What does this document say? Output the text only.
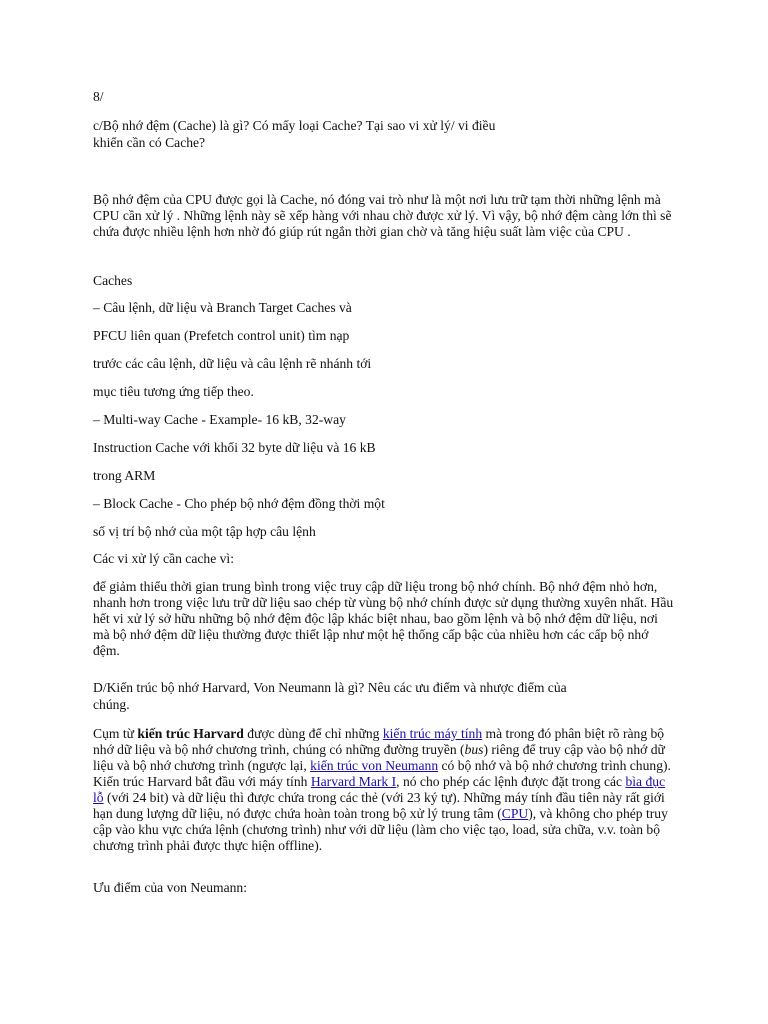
8/
c/Bộ nhớ đệm (Cache) là gì? Có mấy loại Cache? Tại sao vi xử lý/ vi điều
khiển cần có Cache?
Bộ nhớ đệm của CPU được gọi là Cache, nó đóng vai trò như là một nơi lưu trữ tạm thời những lệnh mà CPU cần xử lý . Những lệnh này sẽ xếp hàng với nhau chờ được xử lý. Vì vậy, bộ nhớ đệm càng lớn thì sẽ chứa được nhiều lệnh hơn nhờ đó giúp rút ngắn thời gian chờ và tăng hiệu suất làm việc của CPU .
Caches
– Câu lệnh, dữ liệu và Branch Target Caches và
PFCU liên quan (Prefetch control unit) tìm nạp
trước các câu lệnh, dữ liệu và câu lệnh rẽ nhánh tới
mục tiêu tương ứng tiếp theo.
– Multi-way Cache - Example- 16 kB, 32-way
Instruction Cache với khối 32 byte dữ liệu và 16 kB
trong ARM
– Block Cache - Cho phép bộ nhớ đệm đồng thời một
số vị trí bộ nhớ của một tập hợp câu lệnh
Các vi xử lý cần cache vì:
để giảm thiểu thời gian trung bình trong việc truy cập dữ liệu trong bộ nhớ chính. Bộ nhớ đệm nhỏ hơn, nhanh hơn trong việc lưu trữ dữ liệu sao chép từ vùng bộ nhớ chính được sử dụng thường xuyên nhất. Hầu hết vi xử lý sở hữu những bộ nhớ đệm độc lập khác biệt nhau, bao gồm lệnh và bộ nhớ đệm dữ liệu, nơi mà bộ nhớ đệm dữ liệu thường được thiết lập như một hệ thống cấp bậc của nhiều hơn các cấp bộ nhớ đệm.
D/Kiến trúc bộ nhớ Harvard, Von Neumann là gì? Nêu các ưu điểm và nhược điểm của
chúng.
Cụm từ kiến trúc Harvard được dùng để chỉ những kiến trúc máy tính mà trong đó phân biệt rõ ràng bộ nhớ dữ liệu và bộ nhớ chương trình, chúng có những đường truyền (bus) riêng để truy cập vào bộ nhớ dữ liệu và bộ nhớ chương trình (ngược lại, kiến trúc von Neumann có bộ nhớ và bộ nhớ chương trình chung). Kiến trúc Harvard bắt đầu với máy tính Harvard Mark I, nó cho phép các lệnh được đặt trong các bìa đục lỗ (với 24 bit) và dữ liệu thì được chứa trong các thẻ (với 23 ký tự). Những máy tính đầu tiên này rất giới hạn dung lượng dữ liệu, nó được chứa hoàn toàn trong bộ xử lý trung tâm (CPU), và không cho phép truy cập vào khu vực chứa lệnh (chương trình) như với dữ liệu (làm cho việc tạo, load, sửa chữa, v.v. toàn bộ chương trình phải được thực hiện offline).
Ưu điểm của von Neumann:
